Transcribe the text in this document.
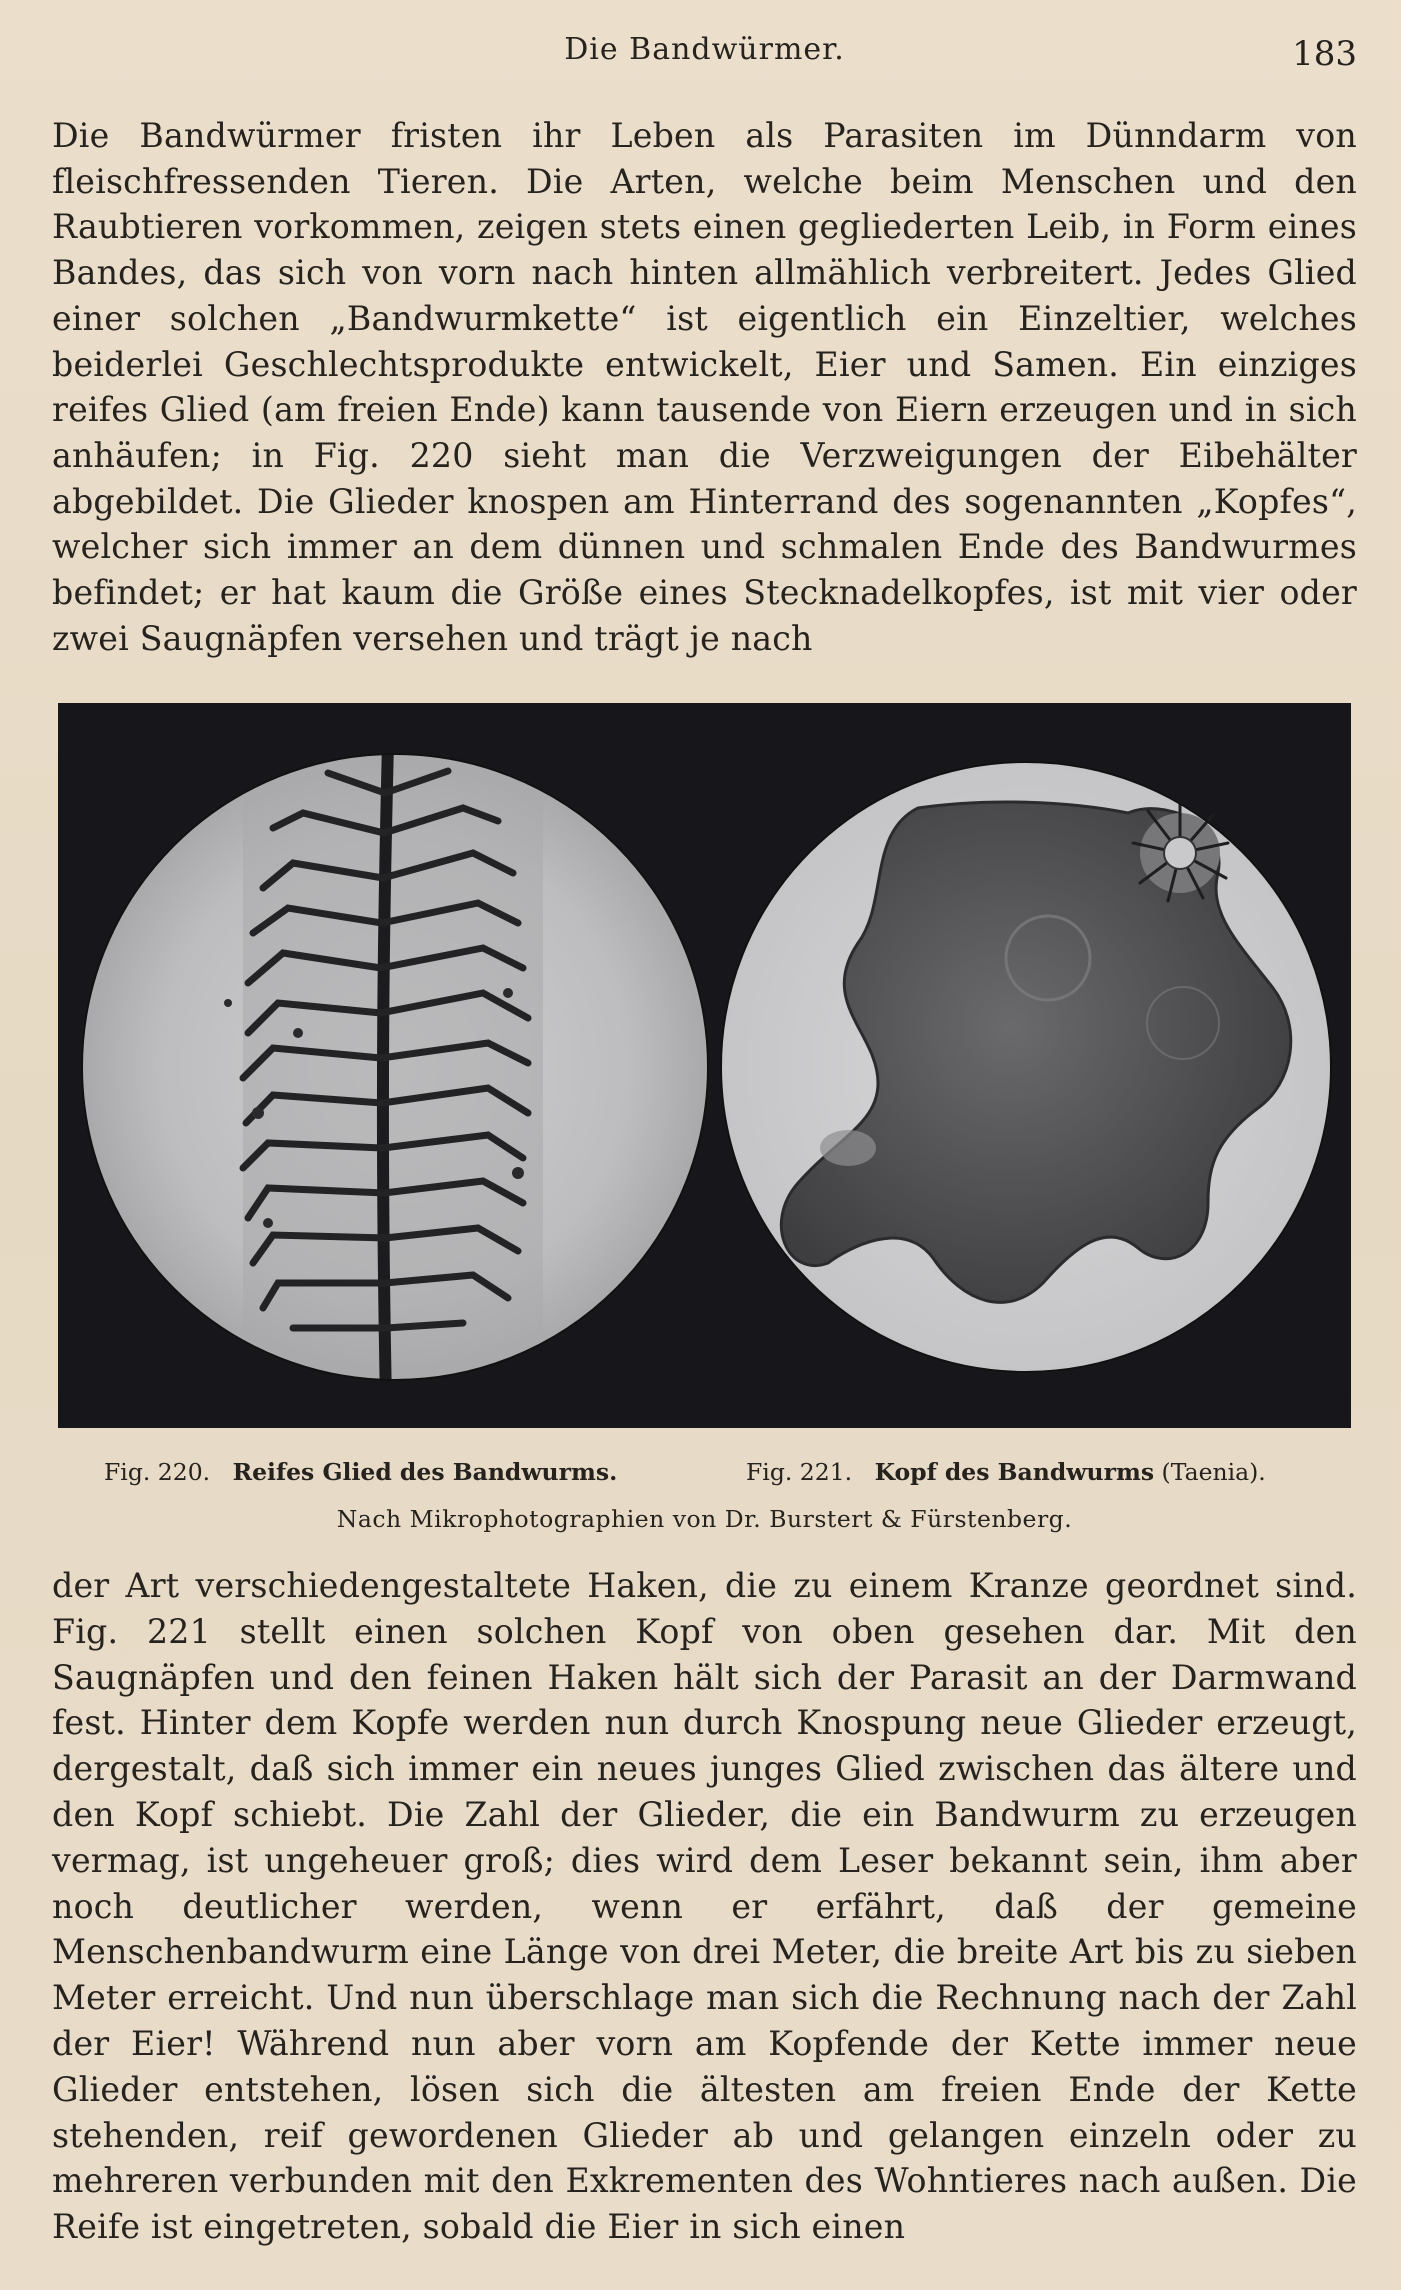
Die Bandwürmer.	183

Die Bandwürmer fristen ihr Leben als Parasiten im Dünndarm von fleischfressenden Tieren. Die Arten, welche beim Menschen und den Raubtieren vorkommen, zeigen stets einen gegliederten Leib, in Form eines Bandes, das sich von vorn nach hinten allmählich verbreitert. Jedes Glied einer solchen „Bandwurmkette“ ist eigentlich ein Einzeltier, welches beiderlei Geschlechtsprodukte entwickelt, Eier und Samen. Ein einziges reifes Glied (am freien Ende) kann tausende von Eiern erzeugen und in sich anhäufen; in Fig. 220 sieht man die Verzweigungen der Eibehälter abgebildet. Die Glieder knospen am Hinterrand des sogenannten „Kopfes“, welcher sich immer an dem dünnen und schmalen Ende des Bandwurmes befindet; er hat kaum die Größe eines Stecknadelkopfes, ist mit vier oder zwei Saugnäpfen versehen und trägt je nach

Fig. 220. Reifes Glied des Bandwurms.	Fig. 221. Kopf des Bandwurms (Taenia).
Nach Mikrophotographien von Dr. Burstert & Fürstenberg.

der Art verschiedengestaltete Haken, die zu einem Kranze geordnet sind. Fig. 221 stellt einen solchen Kopf von oben gesehen dar. Mit den Saugnäpfen und den feinen Haken hält sich der Parasit an der Darmwand fest. Hinter dem Kopfe werden nun durch Knospung neue Glieder erzeugt, dergestalt, daß sich immer ein neues junges Glied zwischen das ältere und den Kopf schiebt. Die Zahl der Glieder, die ein Bandwurm zu erzeugen vermag, ist ungeheuer groß; dies wird dem Leser bekannt sein, ihm aber noch deutlicher werden, wenn er erfährt, daß der gemeine Menschenbandwurm eine Länge von drei Meter, die breite Art bis zu sieben Meter erreicht. Und nun überschlage man sich die Rechnung nach der Zahl der Eier! Während nun aber vorn am Kopfende der Kette immer neue Glieder entstehen, lösen sich die ältesten am freien Ende der Kette stehenden, reif gewordenen Glieder ab und gelangen einzeln oder zu mehreren verbunden mit den Exkrementen des Wohntieres nach außen. Die Reife ist eingetreten, sobald die Eier in sich einen
